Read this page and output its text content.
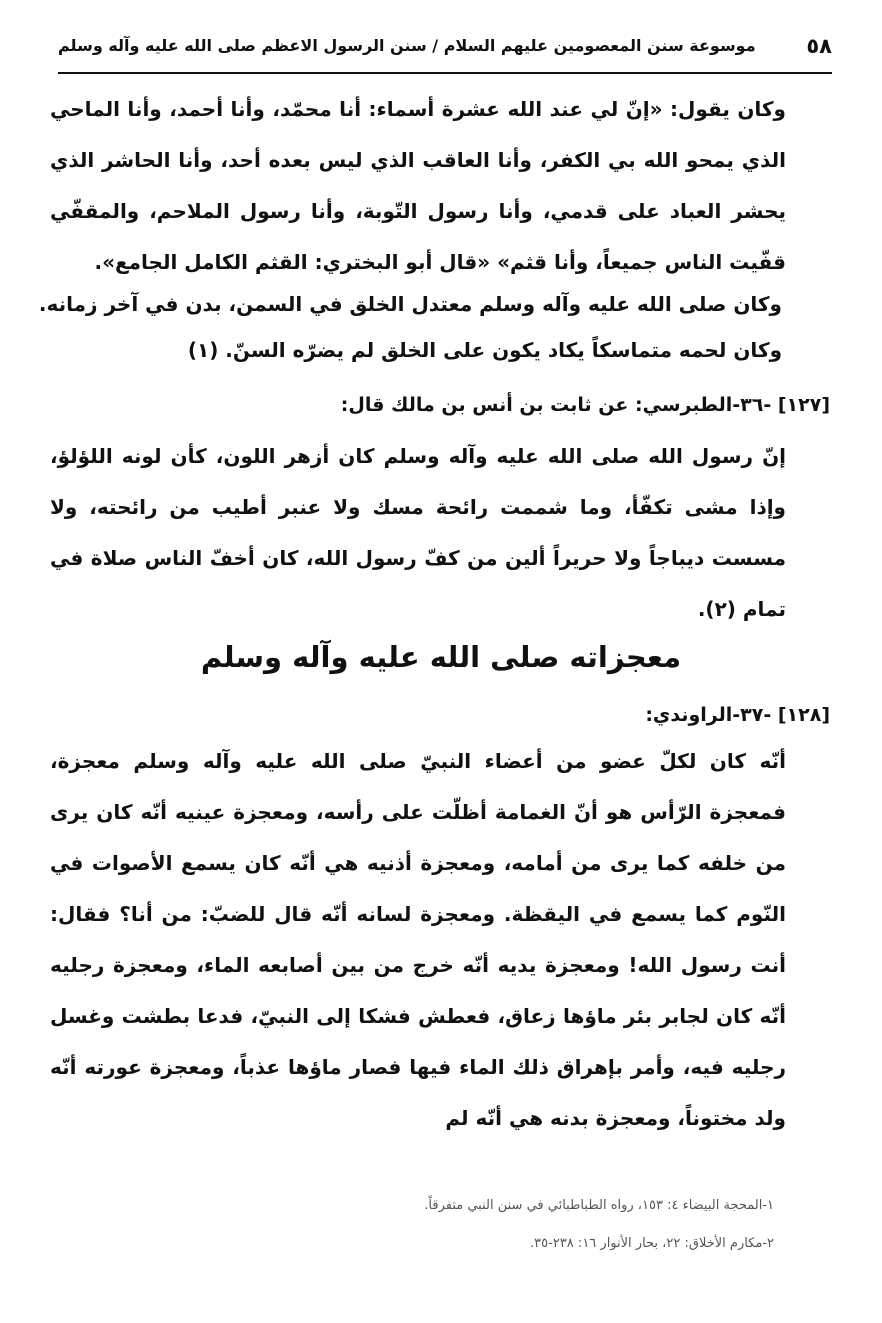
٥٨
موسوعة سنن المعصومين عليهم السلام / سنن الرسول الاعظم صلى الله عليه وآله وسلم
وكان يقول: «إنّ لي عند الله عشرة أسماء: أنا محمّد، وأنا أحمد، وأنا الماحي الذي يمحو الله بي الكفر، وأنا العاقب الذي ليس بعده أحد، وأنا الحاشر الذي يحشر العباد على قدمي، وأنا رسول التّوبة، وأنا رسول الملاحم، والمقفّي قفّيت الناس جميعاً، وأنا قثم» «قال أبو البختري: القثم الكامل الجامع».
وكان صلى الله عليه وآله وسلم معتدل الخلق في السمن، بدن في آخر زمانه.
وكان لحمه متماسكاً يكاد يكون على الخلق لم يضرّه السنّ. (١)
[١٢٧] -٣٦-الطبرسي: عن ثابت بن أنس بن مالك قال:
إنّ رسول الله صلى الله عليه وآله وسلم كان أزهر اللون، كأن لونه اللؤلؤ، وإذا مشى تكفّأ، وما شممت رائحة مسك ولا عنبر أطيب من رائحته، ولا مسست ديباجاً ولا حريراً ألين من كفّ رسول الله، كان أخفّ الناس صلاة في تمام (٢).
معجزاته صلى الله عليه وآله وسلم
[١٢٨] -٣٧-الراوندي:
أنّه كان لكلّ عضو من أعضاء النبيّ صلى الله عليه وآله وسلم معجزة، فمعجزة الرّأس هو أنّ الغمامة أظلّت على رأسه، ومعجزة عينيه أنّه كان يرى من خلفه كما يرى من أمامه، ومعجزة أذنيه هي أنّه كان يسمع الأصوات في النّوم كما يسمع في اليقظة. ومعجزة لسانه أنّه قال للضبّ: من أنا؟ فقال: أنت رسول الله! ومعجزة يديه أنّه خرج من بين أصابعه الماء، ومعجزة رجليه أنّه كان لجابر بئر ماؤها زعاق، فعطش فشكا إلى النبيّ، فدعا بطشت وغسل رجليه فيه، وأمر بإهراق ذلك الماء فيها فصار ماؤها عذباً، ومعجزة عورته أنّه ولد مختوناً، ومعجزة بدنه هي أنّه لم
١-المحجة البيضاء ٤: ١٥٣، رواه الطباطبائي في سنن النبي متفرقاً.
٢-مكارم الأخلاق: ٢٢، بحار الأنوار ١٦: ٢٣٨-٣٥.
